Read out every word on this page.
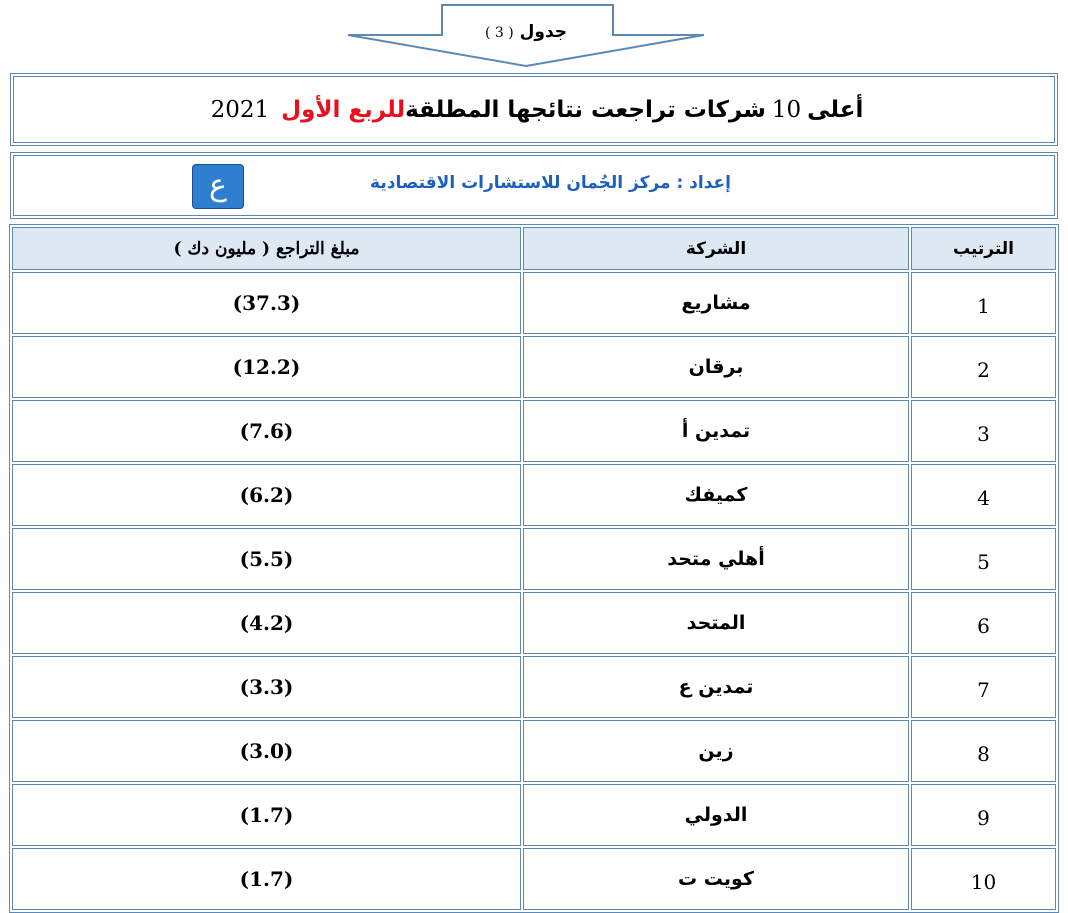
جدول ( 3 )
أعلى
10
شركات تراجعت نتائجها المطلقة
للربع الأول
2021
ع	إعداد : مركز الجُمان للاستشارات الاقتصادية
مبلغ التراجع ( مليون دك )	الشركة	الترتيب
(37.3)	مشاريع	1
(12.2)	برقان	2
(7.6)	تمدين أ	3
(6.2)	كميفك	4
(5.5)	أهلي متحد	5
(4.2)	المتحد	6
(3.3)	تمدين ع	7
(3.0)	زين	8
(1.7)	الدولي	9
(1.7)	كويت ت	10
